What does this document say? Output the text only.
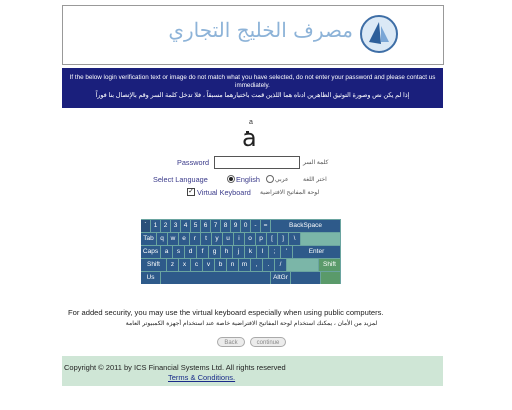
مصرف الخليج التجاري
If the below login verification text or image do not match what you have selected, do not enter your password and please contact us immediately.
إذا لم يكن نص وصورة التوثيق الظاهرين ادناه هما اللذين قمت باختيارهما مسبقاً ، فلا تدخل كلمة السر وقم بالإتصال بنا فوراً
a
a
Password	كلمة السر
Select Language	English	عربي اختر اللغة
✓ Virtual Keyboard لوحة المفاتيح الافتراضية
`	1 2 3 4 5 6 7 8 9 0	-	=	BackSpace
Tab q	w	e	r	t	y	u	i	o	p	[	]	\
Caps	a	s	d	f	g	h	j	k	l	;	'	Enter
Shift	z	x	c	v	b	n	m	,	.	/	Shift
Us	AltGr
For added security, you may use the virtual keyboard especially when using public computers.
لمزيد من الأمان ، يمكنك استخدام لوحة المفاتيح الافتراضية خاصة عند استخدام أجهزة الكمبيوتر العامة
Back	continue
Copyright © 2011 by ICS Financial Systems Ltd. All rights reserved
Terms & Conditions.
